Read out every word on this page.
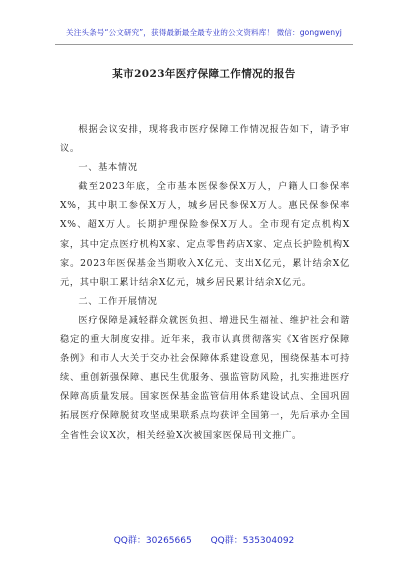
关注头条号“公文研究”，获得最新最全最专业的公文资料库！ 微信：gongwenyj
某市2023年医疗保障工作情况的报告

根据会议安排，现将我市医疗保障工作情况报告如下，请予审议。

一、基本情况

截至2023年底，全市基本医保参保X万人，户籍人口参保率X%，其中职工参保X万人，城乡居民参保X万人。惠民保参保率X%、超X万人。长期护理保险参保X万人。全市现有定点机构X家，其中定点医疗机构X家、定点零售药店X家、定点长护险机构X家。2023年医保基金当期收入X亿元、支出X亿元，累计结余X亿元，其中职工累计结余X亿元，城乡居民累计结余X亿元。

二、工作开展情况

医疗保障是减轻群众就医负担、增进民生福祉、维护社会和谐稳定的重大制度安排。近年来，我市认真贯彻落实《X省医疗保障条例》和市人大关于交办社会保障体系建设意见，围绕保基本可持续、重创新强保障、惠民生优服务、强监管防风险，扎实推进医疗保障高质量发展。国家医保基金监管信用体系建设试点、全国巩固拓展医疗保障脱贫攻坚成果联系点均获评全国第一，先后承办全国全省性会议X次，相关经验X次被国家医保局刊文推广。

QQ群：30265665 QQ群：535304092
